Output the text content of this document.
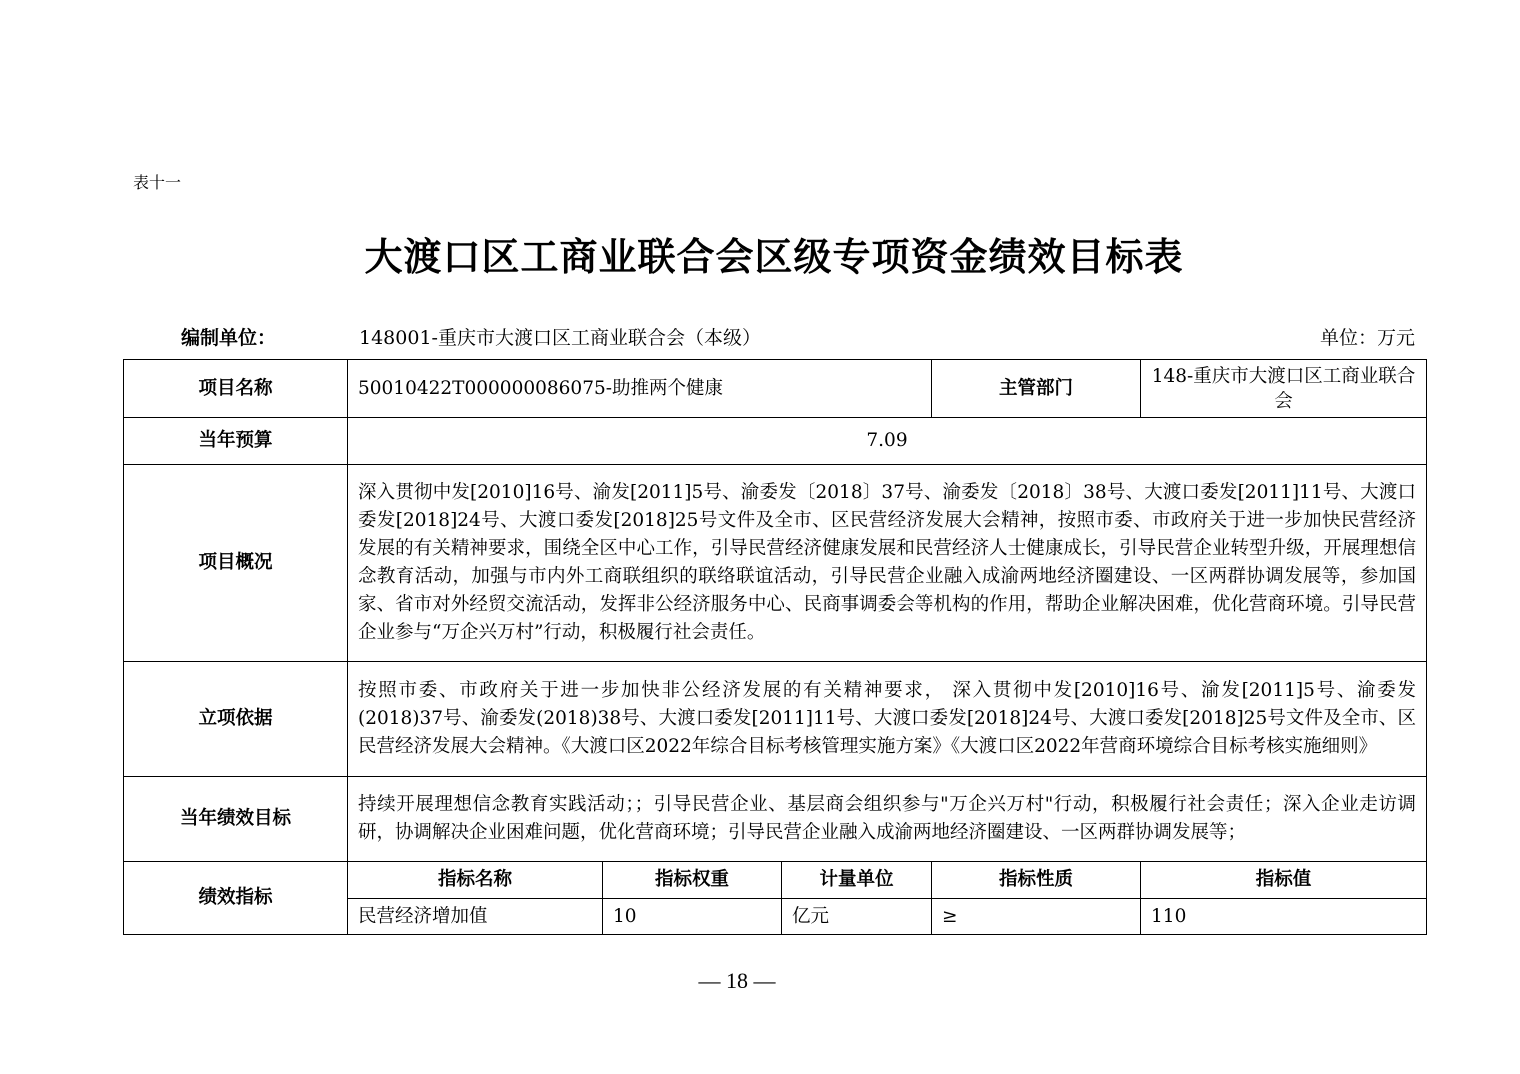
表十一
大渡口区工商业联合会区级专项资金绩效目标表
编制单位：	148001-重庆市大渡口区工商业联合会（本级）	单位：万元
项目名称	50010422T000000086075-助推两个健康			主管部门	148-重庆市大渡口区工商业联合会
当年预算	7.09				
项目概况	深入贯彻中发[2010]16号、渝发[2011]5号、渝委发〔2018〕37号、渝委发〔2018〕38号、大渡口委发[2011]11号、大渡口委发[2018]24号、大渡口委发[2018]25号文件及全市、区民营经济发展大会精神，按照市委、市政府关于进一步加快民营经济发展的有关精神要求，围绕全区中心工作，引导民营经济健康发展和民营经济人士健康成长，引导民营企业转型升级，开展理想信念教育活动，加强与市内外工商联组织的联络联谊活动，引导民营企业融入成渝两地经济圈建设、一区两群协调发展等，参加国家、省市对外经贸交流活动，发挥非公经济服务中心、民商事调委会等机构的作用，帮助企业解决困难，优化营商环境。引导民营企业参与“万企兴万村”行动，积极履行社会责任。				
立项依据	按照市委、市政府关于进一步加快非公经济发展的有关精神要求， 深入贯彻中发[2010]16号、渝发[2011]5号、渝委发(2018)37号、渝委发(2018)38号、大渡口委发[2011]11号、大渡口委发[2018]24号、大渡口委发[2018]25号文件及全市、区民营经济发展大会精神。《大渡口区2022年综合目标考核管理实施方案》《大渡口区2022年营商环境综合目标考核实施细则》				
当年绩效目标	持续开展理想信念教育实践活动；；引导民营企业、基层商会组织参与"万企兴万村"行动，积极履行社会责任；深入企业走访调研，协调解决企业困难问题，优化营商环境；引导民营企业融入成渝两地经济圈建设、一区两群协调发展等；				
绩效指标	指标名称	指标权重	计量单位	指标性质	指标值
	民营经济增加值	10	亿元	≥	110
— 18 —
